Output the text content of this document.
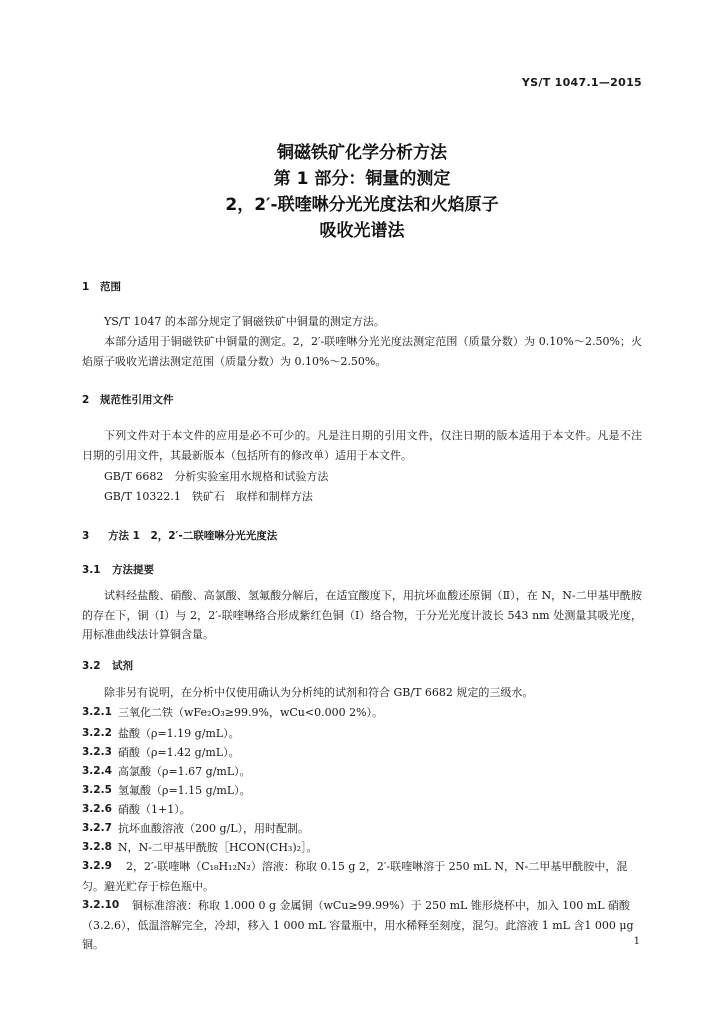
YS/T 1047.1—2015
铜磁铁矿化学分析方法
第 1 部分：铜量的测定
2，2′-联喹啉分光光度法和火焰原子
吸收光谱法
1 范围
YS/T 1047 的本部分规定了铜磁铁矿中铜量的测定方法。
本部分适用于铜磁铁矿中铜量的测定。2，2′-联喹啉分光光度法测定范围（质量分数）为 0.10%～2.50%；火焰原子吸收光谱法测定范围（质量分数）为 0.10%～2.50%。
2 规范性引用文件
下列文件对于本文件的应用是必不可少的。凡是注日期的引用文件，仅注日期的版本适用于本文件。凡是不注日期的引用文件，其最新版本（包括所有的修改单）适用于本文件。
GB/T 6682　分析实验室用水规格和试验方法
GB/T 10322.1　铁矿石　取样和制样方法
3 方法 1　2，2′-二联喹啉分光光度法
3.1 方法提要
试料经盐酸、硝酸、高氯酸、氢氟酸分解后，在适宜酸度下，用抗坏血酸还原铜（Ⅱ），在 N，N-二甲基甲酰胺的存在下，铜（Ⅰ）与 2，2′-联喹啉络合形成紫红色铜（Ⅰ）络合物，于分光光度计波长 543 nm 处测量其吸光度，用标准曲线法计算铜含量。
3.2 试剂
除非另有说明，在分析中仅使用确认为分析纯的试剂和符合 GB/T 6682 规定的三级水。
3.2.1 三氧化二铁（wFe₂O₃≥99.9%，wCu<0.000 2%）。
3.2.2 盐酸（ρ=1.19 g/mL）。
3.2.3 硝酸（ρ=1.42 g/mL）。
3.2.4 高氯酸（ρ=1.67 g/mL）。
3.2.5 氢氟酸（ρ=1.15 g/mL）。
3.2.6 硝酸（1+1）。
3.2.7 抗坏血酸溶液（200 g/L），用时配制。
3.2.8 N，N-二甲基甲酰胺［HCON(CH₃)₂］。
3.2.9	2，2′-联喹啉（C₁₈H₁₂N₂）溶液：称取 0.15 g 2，2′-联喹啉溶于 250 mL N，N-二甲基甲酰胺中，混匀。避光贮存于棕色瓶中。
3.2.10	铜标准溶液：称取 1.000 0 g 金属铜（wCu≥99.99%）于 250 mL 锥形烧杯中，加入 100 mL 硝酸（3.2.6），低温溶解完全，冷却，移入 1 000 mL 容量瓶中，用水稀释至刻度，混匀。此溶液 1 mL 含1 000 μg 铜。	1
